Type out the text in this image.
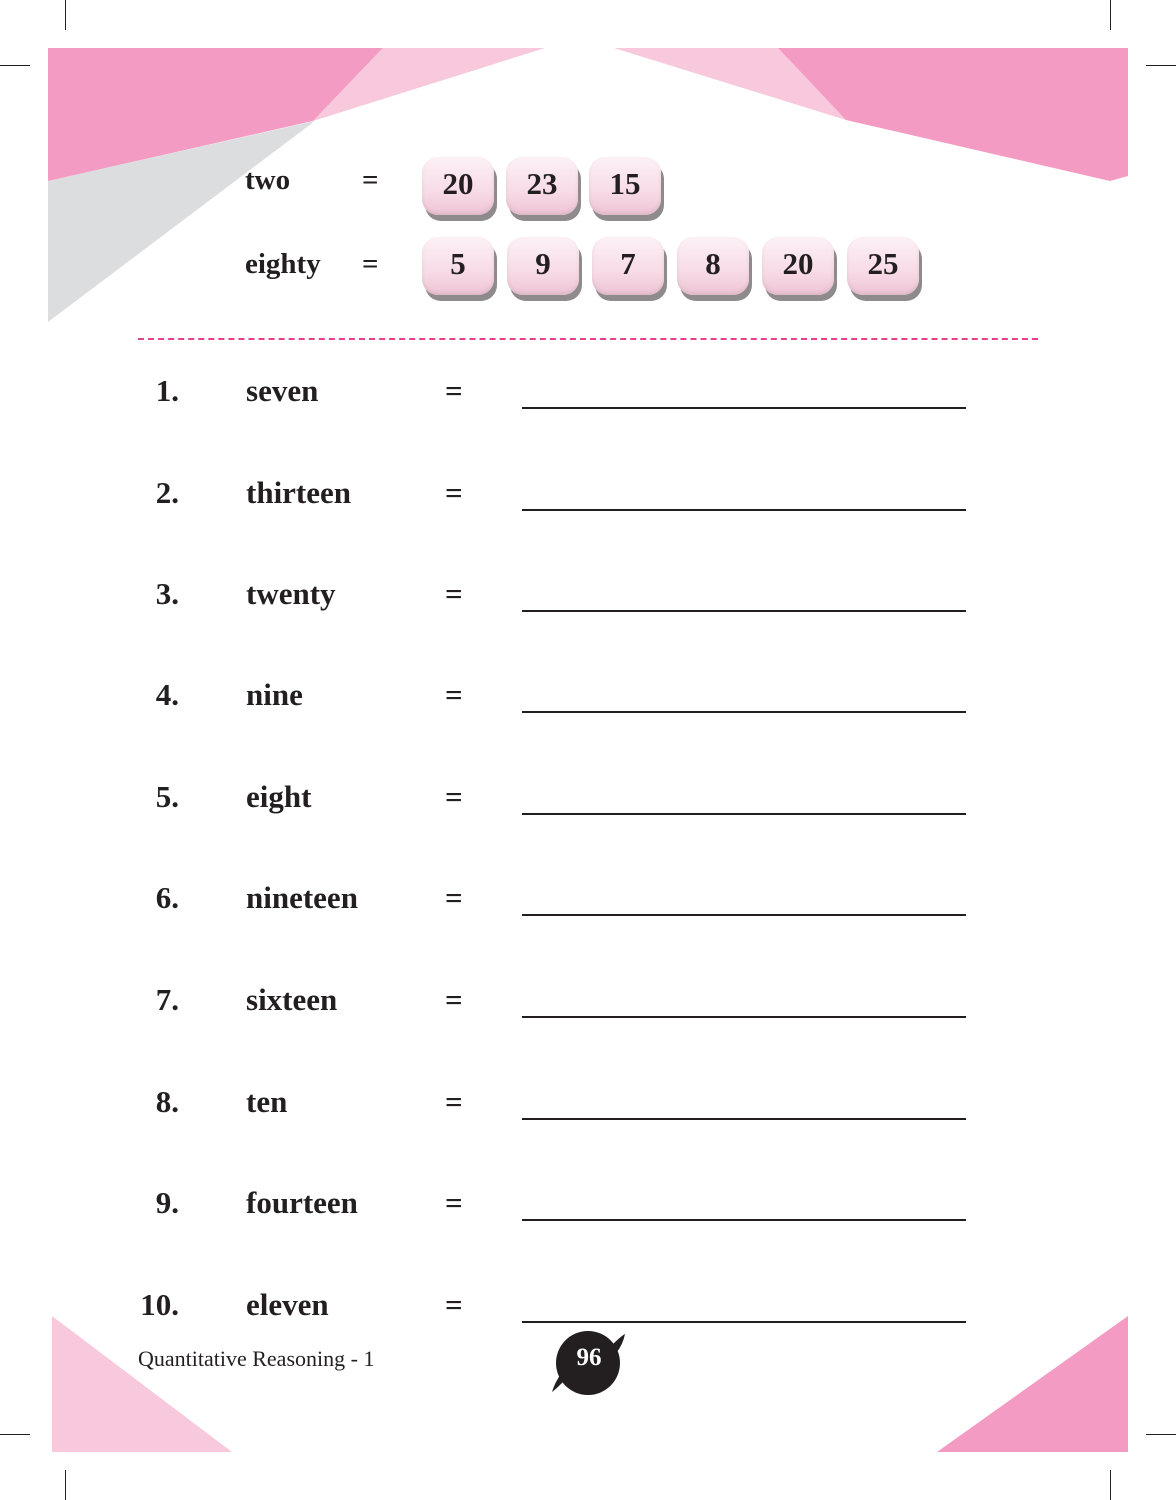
two =	20	23	15
eighty =	5	9	7	8	20	25
1. seven	=
2. thirteen	=
3. twenty	=
4. nine	=
5. eight	=
6. nineteen	=
7. sixteen	=
8. ten	=
9. fourteen	=
10. eleven	=
Quantitative Reasoning - 1	96
